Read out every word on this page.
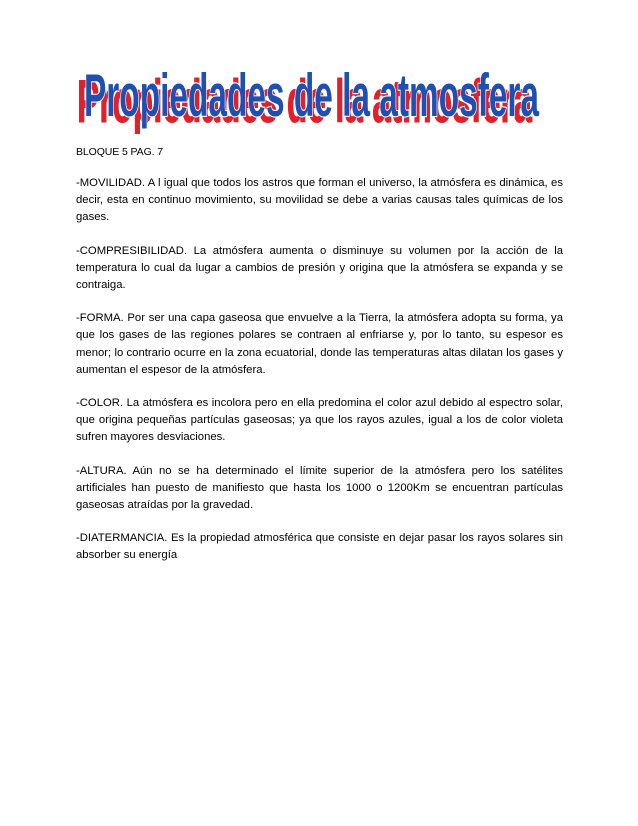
Propiedades de la atmosfera
Propiedades de la atmosfera

BLOQUE 5 PAG. 7

-MOVILIDAD. A l igual que todos los astros que forman el universo, la atmósfera es dinámica, es decir, esta en continuo movimiento, su movilidad se debe a varias causas tales químicas de los gases.

-COMPRESIBILIDAD. La atmósfera aumenta o disminuye su volumen por la acción de la temperatura lo cual da lugar a cambios de presión y origina que la atmósfera se expanda y se contraiga.

-FORMA. Por ser una capa gaseosa que envuelve a la Tierra, la atmósfera adopta su forma, ya que los gases de las regiones polares se contraen al enfriarse y, por lo tanto, su espesor es menor; lo contrario ocurre en la zona ecuatorial, donde las temperaturas altas dilatan los gases y aumentan el espesor de la atmósfera.

-COLOR. La atmósfera es incolora pero en ella predomina el color azul debido al espectro solar, que origina pequeñas partículas gaseosas; ya que los rayos azules, igual a los de color violeta sufren mayores desviaciones.

-ALTURA. Aún no se ha determinado el límite superior de la atmósfera pero los satélites artificiales han puesto de manifiesto que hasta los 1000 o 1200Km se encuentran partículas gaseosas atraídas por la gravedad.

-DIATERMANCIA. Es la propiedad atmosférica que consiste en dejar pasar los rayos solares sin absorber su energía
